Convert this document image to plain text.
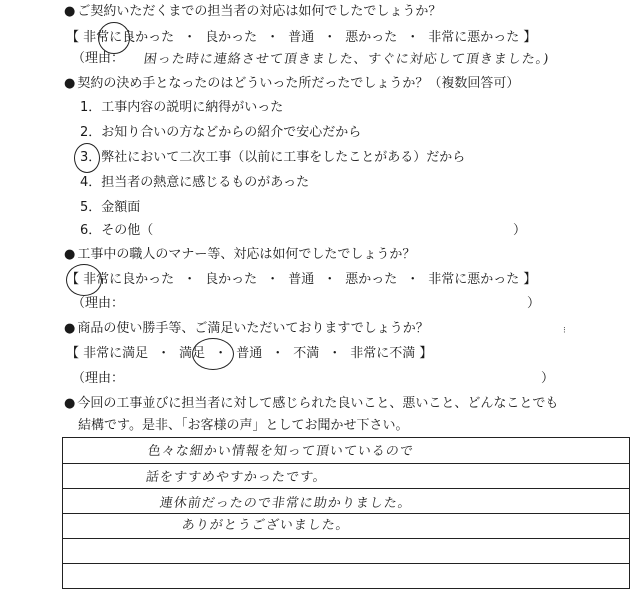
● ご契約いただくまでの担当者の対応は如何でしたでしょうか？
【 非常に良かった ・ 良かった ・ 普通 ・ 悪かった ・ 非常に悪かった 】
（理由： 困った時に連絡させて頂きました、すぐに対応して頂きました。)
● 契約の決め手となったのはどういった所だったでしょうか？（複数回答可）
1．工事内容の説明に納得がいった
2．お知り合いの方などからの紹介で安心だから
3．弊社において二次工事（以前に工事をしたことがある）だから
4．担当者の熱意に感じるものがあった
5．金額面
6．その他（	）
● 工事中の職人のマナー等、対応は如何でしたでしょうか？
【 非常に良かった ・ 良かった ・ 普通 ・ 悪かった ・ 非常に悪かった 】
（理由：	）
● 商品の使い勝手等、ご満足いただいておりますでしょうか？	⁝
【 非常に満足 ・ 満足 ・ 普通 ・ 不満 ・ 非常に不満 】
（理由：	）
● 今回の工事並びに担当者に対して感じられた良いこと、悪いこと、どんなことでも
結構です。是非、「お客様の声」としてお聞かせ下さい。
色々な細かい情報を知って頂いているので
話をすすめやすかったです。
連休前だったので非常に助かりました。
ありがとうございました。
